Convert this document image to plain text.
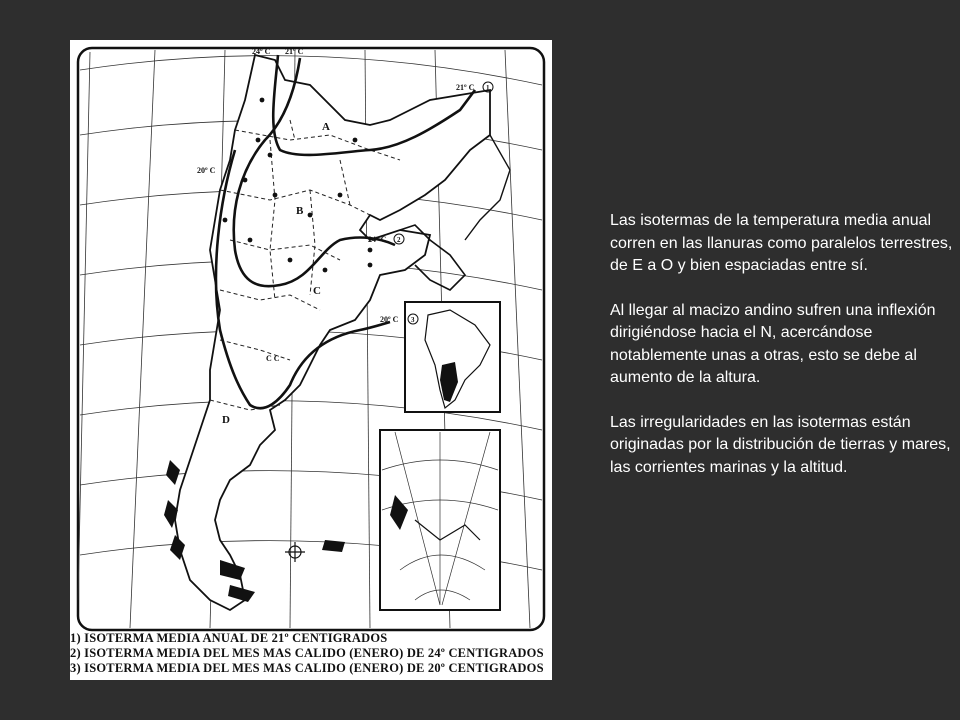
24º C 21º C
21º C
20º C
24º C
20º C
1
2
3
A
B
C
D
C C
1) ISOTERMA MEDIA ANUAL DE 21º CENTIGRADOS
2) ISOTERMA MEDIA DEL MES MAS CALIDO (ENERO) DE 24º CENTIGRADOS
3) ISOTERMA MEDIA DEL MES MAS CALIDO (ENERO) DE 20º CENTIGRADOS

Las isotermas de la temperatura media anual corren en las llanuras como paralelos terrestres, de E a O y bien espaciadas entre sí.

Al llegar al macizo andino sufren una inflexión dirigiéndose hacia el N, acercándose notablemente unas a otras, esto se debe al aumento de la altura.

Las irregularidades en las isotermas están originadas por la distribución de tierras y mares, las corrientes marinas y la altitud.
